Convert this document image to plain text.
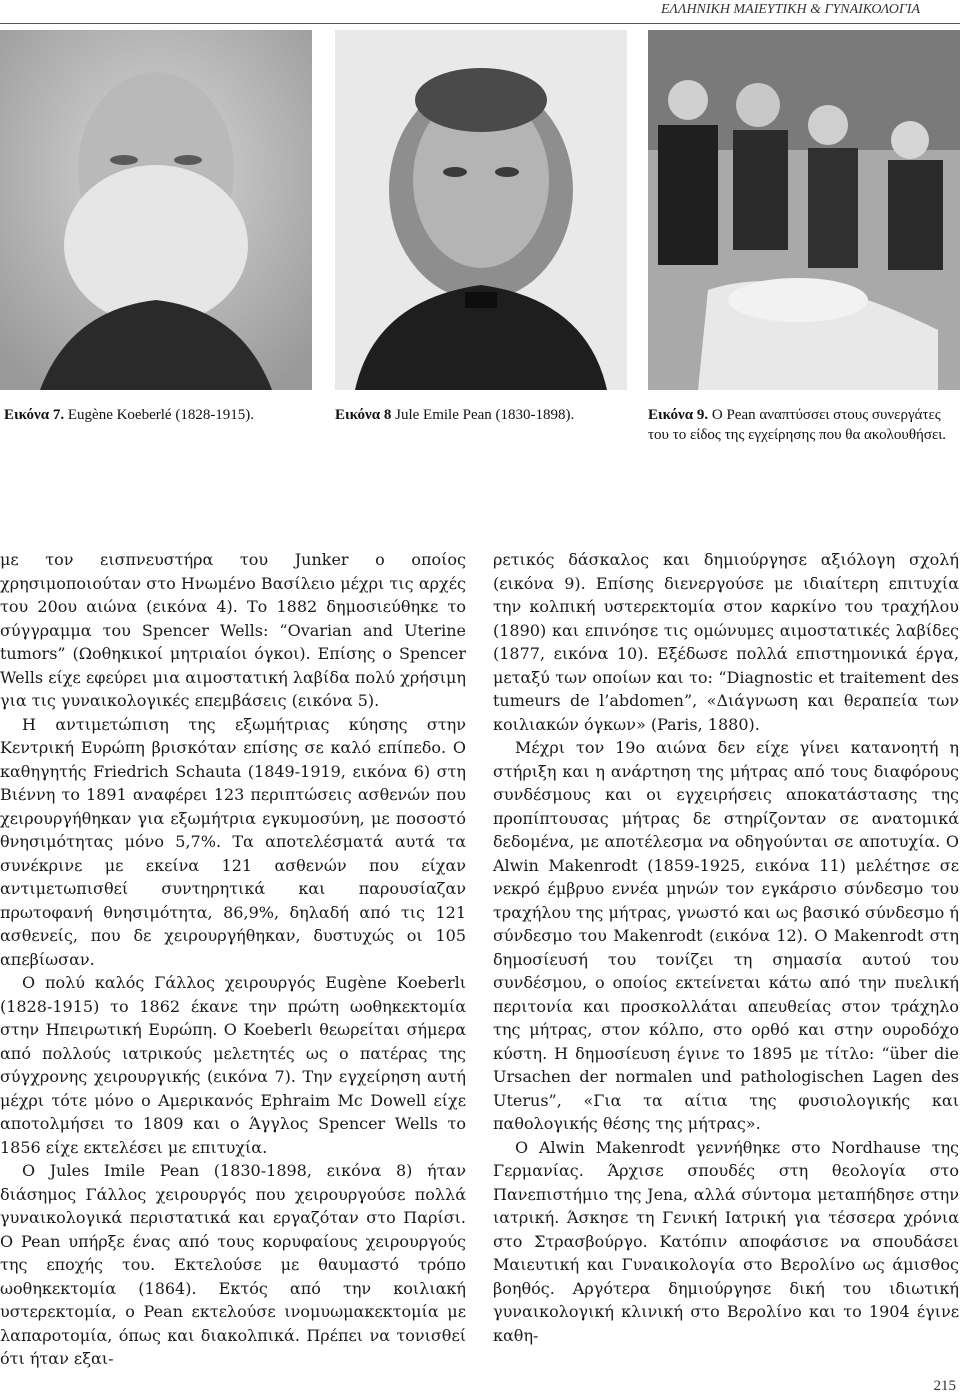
ΕΛΛΗΝΙΚΗ ΜΑΙΕΥΤΙΚΗ & ΓΥΝΑΙΚΟΛΟΓΙΑ
Εικόνα 7. Eugène Koeberlé (1828-1915).	Εικόνα 8 Jule Emile Pean (1830-1898).	Εικόνα 9. O Pean αναπτύσσει στους συνεργάτες του το είδος της εγχείρησης που θα ακολουθήσει.

με τον εισπνευστήρα του Junker ο οποίος χρησιμοποιούταν στο Ηνωμένο Βασίλειο μέχρι τις αρχές του 20ου αιώνα (εικόνα 4). Το 1882 δημοσιεύθηκε το σύγγραμμα του Spencer Wells: “Ovarian and Uterine tumors” (Ωοθηκικοί μητριαίοι όγκοι). Επίσης ο Spencer Wells είχε εφεύρει μια αιμοστατική λαβίδα πολύ χρήσιμη για τις γυναικολογικές επεμβάσεις (εικόνα 5).

Η αντιμετώπιση της εξωμήτριας κύησης στην Κεντρική Ευρώπη βρισκόταν επίσης σε καλό επίπεδο. Ο καθηγητής Friedrich Schauta (1849-1919, εικόνα 6) στη Βιέννη το 1891 αναφέρει 123 περιπτώσεις ασθενών που χειρουργήθηκαν για εξωμήτρια εγκυμοσύνη, με ποσοστό θνησιμότητας μόνο 5,7%. Τα αποτελέσματά αυτά τα συνέκρινε με εκείνα 121 ασθενών που είχαν αντιμετωπισθεί συντηρητικά και παρουσίαζαν πρωτοφανή θνησιμότητα, 86,9%, δηλαδή από τις 121 ασθενείς, που δε χειρουργήθηκαν, δυστυχώς οι 105 απεβίωσαν.

Ο πολύ καλός Γάλλος χειρουργός Eugène Koeberlι (1828-1915) το 1862 έκανε την πρώτη ωοθηκεκτομία στην Ηπειρωτική Ευρώπη. O Koeberlι θεωρείται σήμερα από πολλούς ιατρικούς μελετητές ως ο πατέρας της σύγχρονης χειρουργικής (εικόνα 7). Την εγχείρηση αυτή μέχρι τότε μόνο ο Αμερικανός Ephraim Mc Dowell είχε αποτολμήσει το 1809 και ο Άγγλος Spencer Wells το 1856 είχε εκτελέσει με επιτυχία.

O Jules Imile Pean (1830-1898, εικόνα 8) ήταν διάσημος Γάλλος χειρουργός που χειρουργούσε πολλά γυναικολογικά περιστατικά και εργαζόταν στο Παρίσι. Ο Pean υπήρξε ένας από τους κορυφαίους χειρουργούς της εποχής του. Εκτελούσε με θαυμαστό τρόπο ωοθηκεκτομία (1864). Εκτός από την κοιλιακή υστερεκτομία, o Pean εκτελούσε ινομυωμακεκτομία με λαπαροτομία, όπως και διακολπικά. Πρέπει να τονισθεί ότι ήταν εξαι-

ρετικός δάσκαλος και δημιούργησε αξιόλογη σχολή (εικόνα 9). Επίσης διενεργούσε με ιδιαίτερη επιτυχία την κολπική υστερεκτομία στον καρκίνο του τραχήλου (1890) και επινόησε τις ομώνυμες αιμοστατικές λαβίδες (1877, εικόνα 10). Εξέδωσε πολλά επιστημονικά έργα, μεταξύ των οποίων και το: “Diagnostic et traitement des tumeurs de l’abdomen”, «Διάγνωση και θεραπεία των κοιλιακών όγκων» (Paris, 1880).

Μέχρι τον 19ο αιώνα δεν είχε γίνει κατανοητή η στήριξη και η ανάρτηση της μήτρας από τους διαφόρους συνδέσμους και οι εγχειρήσεις αποκατάστασης της προπίπτουσας μήτρας δε στηρίζονταν σε ανατομικά δεδομένα, με αποτέλεσμα να οδηγούνται σε αποτυχία. O Alwin Makenrodt (1859-1925, εικόνα 11) μελέτησε σε νεκρό έμβρυο εννέα μηνών τον εγκάρσιο σύνδεσμο του τραχήλου της μήτρας, γνωστό και ως βασικό σύνδεσμο ή σύνδεσμο του Makenrodt (εικόνα 12). O Makenrodt στη δημοσίευσή του τονίζει τη σημασία αυτού του συνδέσμου, ο οποίος εκτείνεται κάτω από την πυελική περιτονία και προσκολλάται απευθείας στον τράχηλο της μήτρας, στον κόλπο, στο ορθό και στην ουροδόχο κύστη. Η δημοσίευση έγινε το 1895 με τίτλο: “über die Ursachen der normalen und pathologischen Lagen des Uterus”, «Για τα αίτια της φυσιολογικής και παθολογικής θέσης της μήτρας».

O Alwin Makenrodt γεννήθηκε στο Nordhause της Γερμανίας. Άρχισε σπουδές στη θεολογία στο Πανεπιστήμιο της Jena, αλλά σύντομα μεταπήδησε στην ιατρική. Άσκησε τη Γενική Ιατρική για τέσσερα χρόνια στο Στρασβούργο. Κατόπιν αποφάσισε να σπουδάσει Μαιευτική και Γυναικολογία στο Βερολίνο ως άμισθος βοηθός. Αργότερα δημιούργησε δική του ιδιωτική γυναικολογική κλινική στο Βερολίνο και το 1904 έγινε καθη-

215
